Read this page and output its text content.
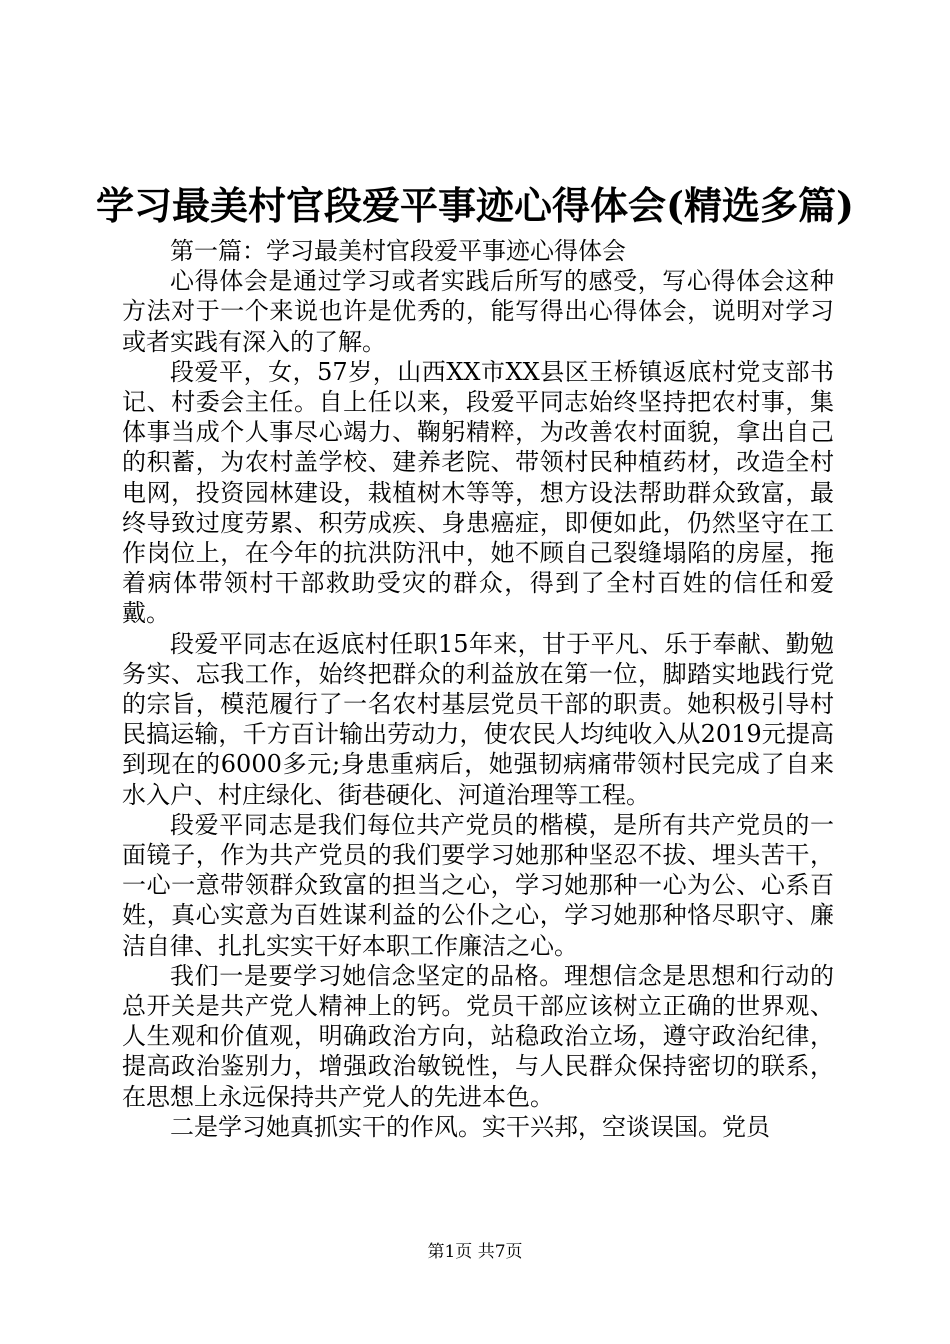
学习最美村官段爱平事迹心得体会(精选多篇)

第一篇：学习最美村官段爱平事迹心得体会

心得体会是通过学习或者实践后所写的感受，写心得体会这种方法对于一个来说也许是优秀的，能写得出心得体会，说明对学习或者实践有深入的了解。

段爱平，女，57岁，山西XX市XX县区王桥镇返底村党支部书记、村委会主任。自上任以来，段爱平同志始终坚持把农村事，集体事当成个人事尽心竭力、鞠躬精粹，为改善农村面貌，拿出自己的积蓄，为农村盖学校、建养老院、带领村民种植药材，改造全村电网，投资园林建设，栽植树木等等，想方设法帮助群众致富，最终导致过度劳累、积劳成疾、身患癌症，即便如此，仍然坚守在工作岗位上，在今年的抗洪防汛中，她不顾自己裂缝塌陷的房屋，拖着病体带领村干部救助受灾的群众，得到了全村百姓的信任和爱戴。

段爱平同志在返底村任职15年来，甘于平凡、乐于奉献、勤勉务实、忘我工作，始终把群众的利益放在第一位，脚踏实地践行党的宗旨，模范履行了一名农村基层党员干部的职责。她积极引导村民搞运输，千方百计输出劳动力，使农民人均纯收入从2019元提高到现在的6000多元;身患重病后，她强韧病痛带领村民完成了自来水入户、村庄绿化、街巷硬化、河道治理等工程。

段爱平同志是我们每位共产党员的楷模，是所有共产党员的一面镜子，作为共产党员的我们要学习她那种坚忍不拔、埋头苦干，一心一意带领群众致富的担当之心，学习她那种一心为公、心系百姓，真心实意为百姓谋利益的公仆之心，学习她那种恪尽职守、廉洁自律、扎扎实实干好本职工作廉洁之心。

我们一是要学习她信念坚定的品格。理想信念是思想和行动的总开关是共产党人精神上的钙。党员干部应该树立正确的世界观、人生观和价值观，明确政治方向，站稳政治立场，遵守政治纪律，提高政治鉴别力，增强政治敏锐性，与人民群众保持密切的联系，在思想上永远保持共产党人的先进本色。

二是学习她真抓实干的作风。实干兴邦，空谈误国。党员

第1页 共7页
